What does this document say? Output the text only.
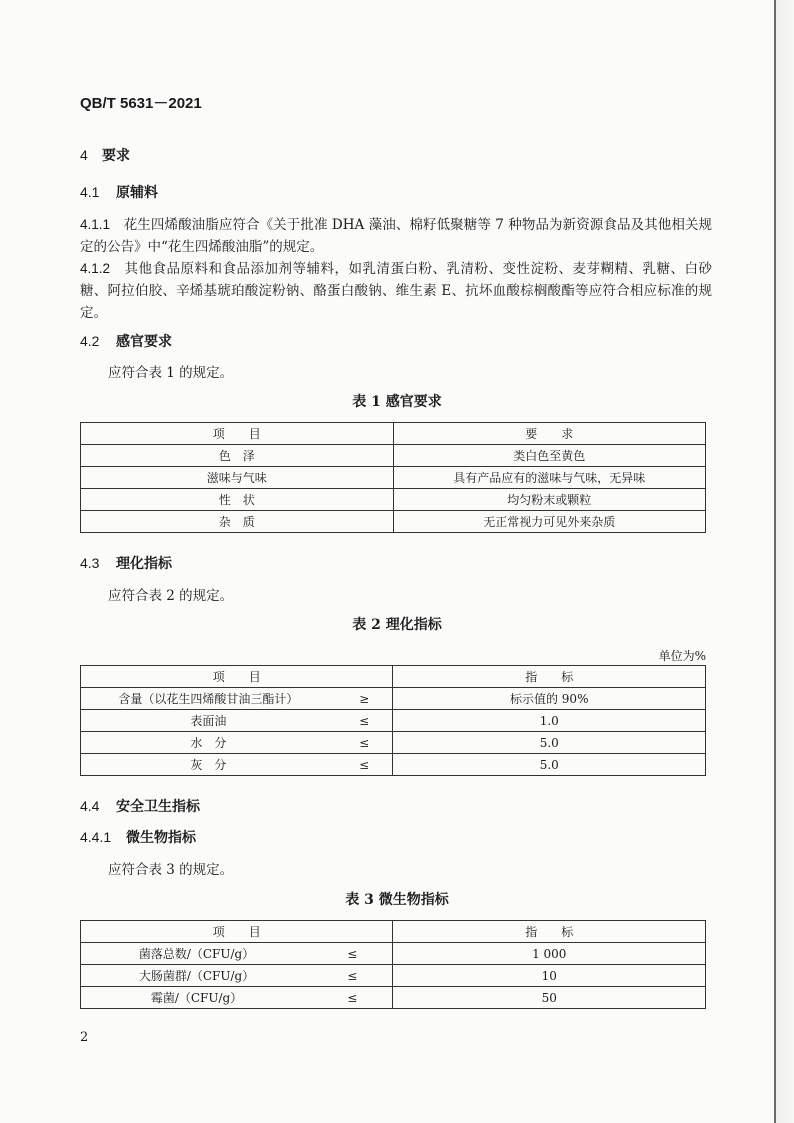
QB/T 5631－2021
4 要求
4.1 原辅料
4.1.1　 花生四烯酸油脂应符合《关于批准 DHA 藻油、棉籽低聚糖等 7 种物品为新资源食品及其他相关规定的公告》中“花生四烯酸油脂”的规定。
4.1.2　 其他食品原料和食品添加剂等辅料，如乳清蛋白粉、乳清粉、变性淀粉、麦芽糊精、乳糖、白砂糖、阿拉伯胶、辛烯基琥珀酸淀粉钠、酪蛋白酸钠、维生素 E、抗坏血酸棕榈酸酯等应符合相应标准的规定。
4.2 感官要求
应符合表 1 的规定。
表 1 感官要求
项　　目	要　　求
色　泽	类白色至黄色
滋味与气味	具有产品应有的滋味与气味，无异味
性　状	均匀粉末或颗粒
杂　质	无正常视力可见外来杂质
4.3 理化指标
应符合表 2 的规定。
表 2 理化指标
单位为%
项　　目		指　　标
含量（以花生四烯酸甘油三酯计）	≥	标示值的 90%
表面油	≤	1.0
水　分	≤	5.0
灰　分	≤	5.0
4.4 安全卫生指标
4.4.1 微生物指标
应符合表 3 的规定。
表 3 微生物指标
项　　目		指　　标
菌落总数/（CFU/g）	≤	1 000
大肠菌群/（CFU/g）	≤	10
霉菌/（CFU/g）	≤	50
2
